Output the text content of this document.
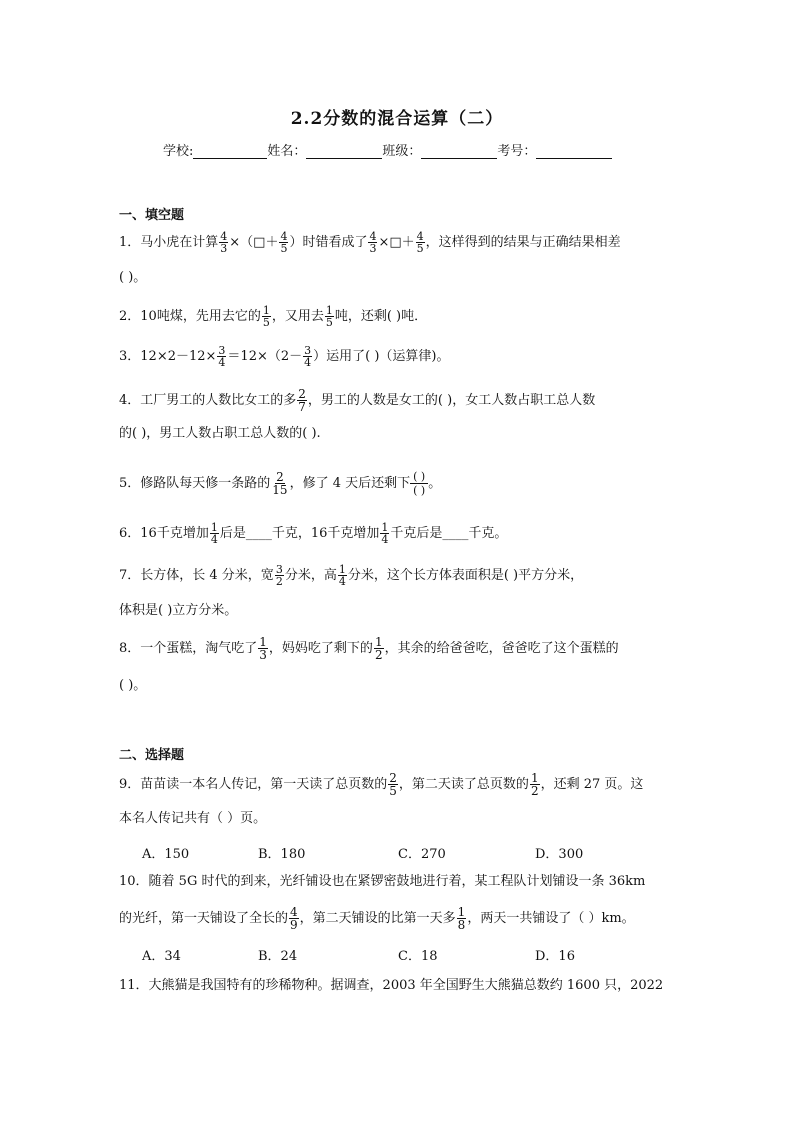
2.2分数的混合运算（二）
学校:	姓名：	班级：	考号：
一、填空题
1．马小虎在计算 $\frac{4}{3}$ ×（□＋ $\frac{4}{5}$ ）时错看成了 $\frac{4}{3}$ ×□＋ $\frac{4}{5}$ ，这样得到的结果与正确结果相差
( )。
2．10吨煤，先用去它的 $\frac{1}{5}$ ，又用去 $\frac{1}{5}$ 吨，还剩( )吨．
3．$12\times 2-12\times \frac{3}{4} =12\times(2- \frac{3}{4}$ ）运用了( )（运算律)。
4．工厂男工的人数比女工的多 $\frac{2}{7}$ ，男工的人数是女工的( )，女工人数占职工总人数
的( )，男工人数占职工总人数的( ).
5．修路队每天修一条路的 $\frac{2}{15}$ ，修了 4 天后还剩下 ( )
( ) 。
6．16千克增加 $\frac{1}{4}$ 后是____千克，16千克增加 $\frac{1}{4}$ 千克后是____千克。
7．长方体，长 4 分米，宽 $\frac{3}{2}$ 分米，高 $\frac{1}{4}$ 分米，这个长方体表面积是( )平方分米，
体积是( )立方分米。
8．一个蛋糕，淘气吃了 $\frac{1}{3}$ ，妈妈吃了剩下的 $\frac{1}{2}$ ，其余的给爸爸吃，爸爸吃了这个蛋糕的
( )。
二、选择题
9．苗苗读一本名人传记，第一天读了总页数的 $\frac{2}{5}$ ，第二天读了总页数的 $\frac{1}{2}$ ，还剩 27 页。这
本名人传记共有（ ）页。
A．150	B．180	C．270	D．300
10．随着 5G 时代的到来，光纤铺设也在紧锣密鼓地进行着，某工程队计划铺设一条 36km
的光纤，第一天铺设了全长的 $\frac{4}{9}$ ，第二天铺设的比第一天多 $\frac{1}{8}$ ，两天一共铺设了（ ）km。
A．34	B．24	C．18	D．16
11．大熊猫是我国特有的珍稀物种。据调查，2003 年全国野生大熊猫总数约 1600 只，2022
